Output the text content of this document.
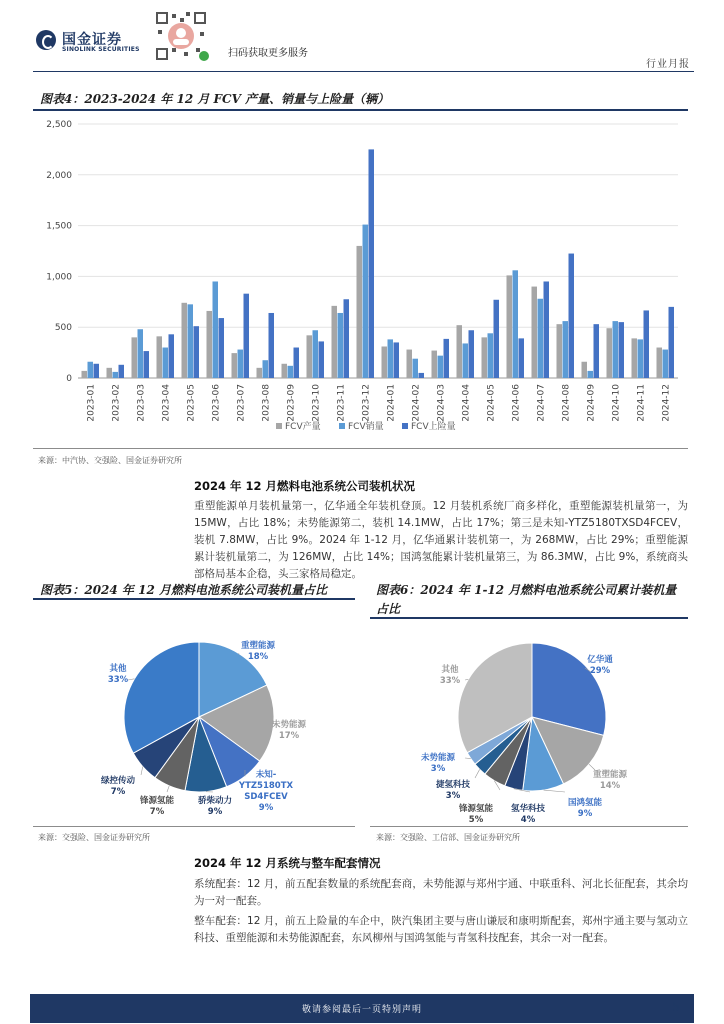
国金证券
SINOLINK SECURITIES	扫码获取更多服务
行业月报
图表4：2023-2024 年 12 月 FCV 产量、销量与上险量（辆）
0
500
1,000
1,500
2,000
2,500
2023-01 2023-02 2023-03 2023-04 2023-05 2023-06 2023-07 2023-08 2023-09 2023-10 2023-11 2023-12 2024-01 2024-02 2024-03 2024-04 2024-05 2024-06 2024-07 2024-08 2024-09 2024-10 2024-11 2024-12
FCV产量	FCV销量	FCV上险量
来源：中汽协、交强险、国金证券研究所
2024 年 12 月燃料电池系统公司装机状况

重塑能源单月装机量第一，亿华通全年装机登顶。12 月装机系统厂商多样化，重塑能源装机量第一，为 15MW，占比 18%；未势能源第二，装机 14.1MW，占比 17%；第三是未知-YTZ5180TXSD4FCEV，装机 7.8MW，占比 9%。2024 年 1-12 月，亿华通累计装机第一，为 268MW，占比 29%；重塑能源累计装机量第二，为 126MW，占比 14%；国鸿氢能累计装机量第三，为 86.3MW，占比 9%，系统商头部格局基本企稳，头三家格局稳定。

图表5：2024 年 12 月燃料电池系统公司装机量占比	图表6：2024 年 1-12 月燃料电池系统公司累计装机量占比
重塑能源
18%
未势能源
17%
未知-
YTZ5180TX
SD4FCEV
9%
骄柴动力
9%
锋源氢能
7%
绿控传动
7%
其他
33%
亿华通
29%
重塑能源
14%
国鸿氢能
9%
氢华科技
4%
锋源氢能
5%
捷氢科技
3%
未势能源
3%
其他
33%
来源：交强险、国金证券研究所	来源：交强险、工信部、国金证券研究所
2024 年 12 月系统与整车配套情况

系统配套：12 月，前五配套数量的系统配套商，未势能源与郑州宇通、中联重科、河北长征配套，其余均为一对一配套。

整车配套：12 月，前五上险量的车企中，陕汽集团主要与唐山谦辰和康明斯配套，郑州宇通主要与氢动立科技、重塑能源和未势能源配套，东风柳州与国鸿氢能与青氢科技配套，其余一对一配套。

敬请参阅最后一页特别声明	5
